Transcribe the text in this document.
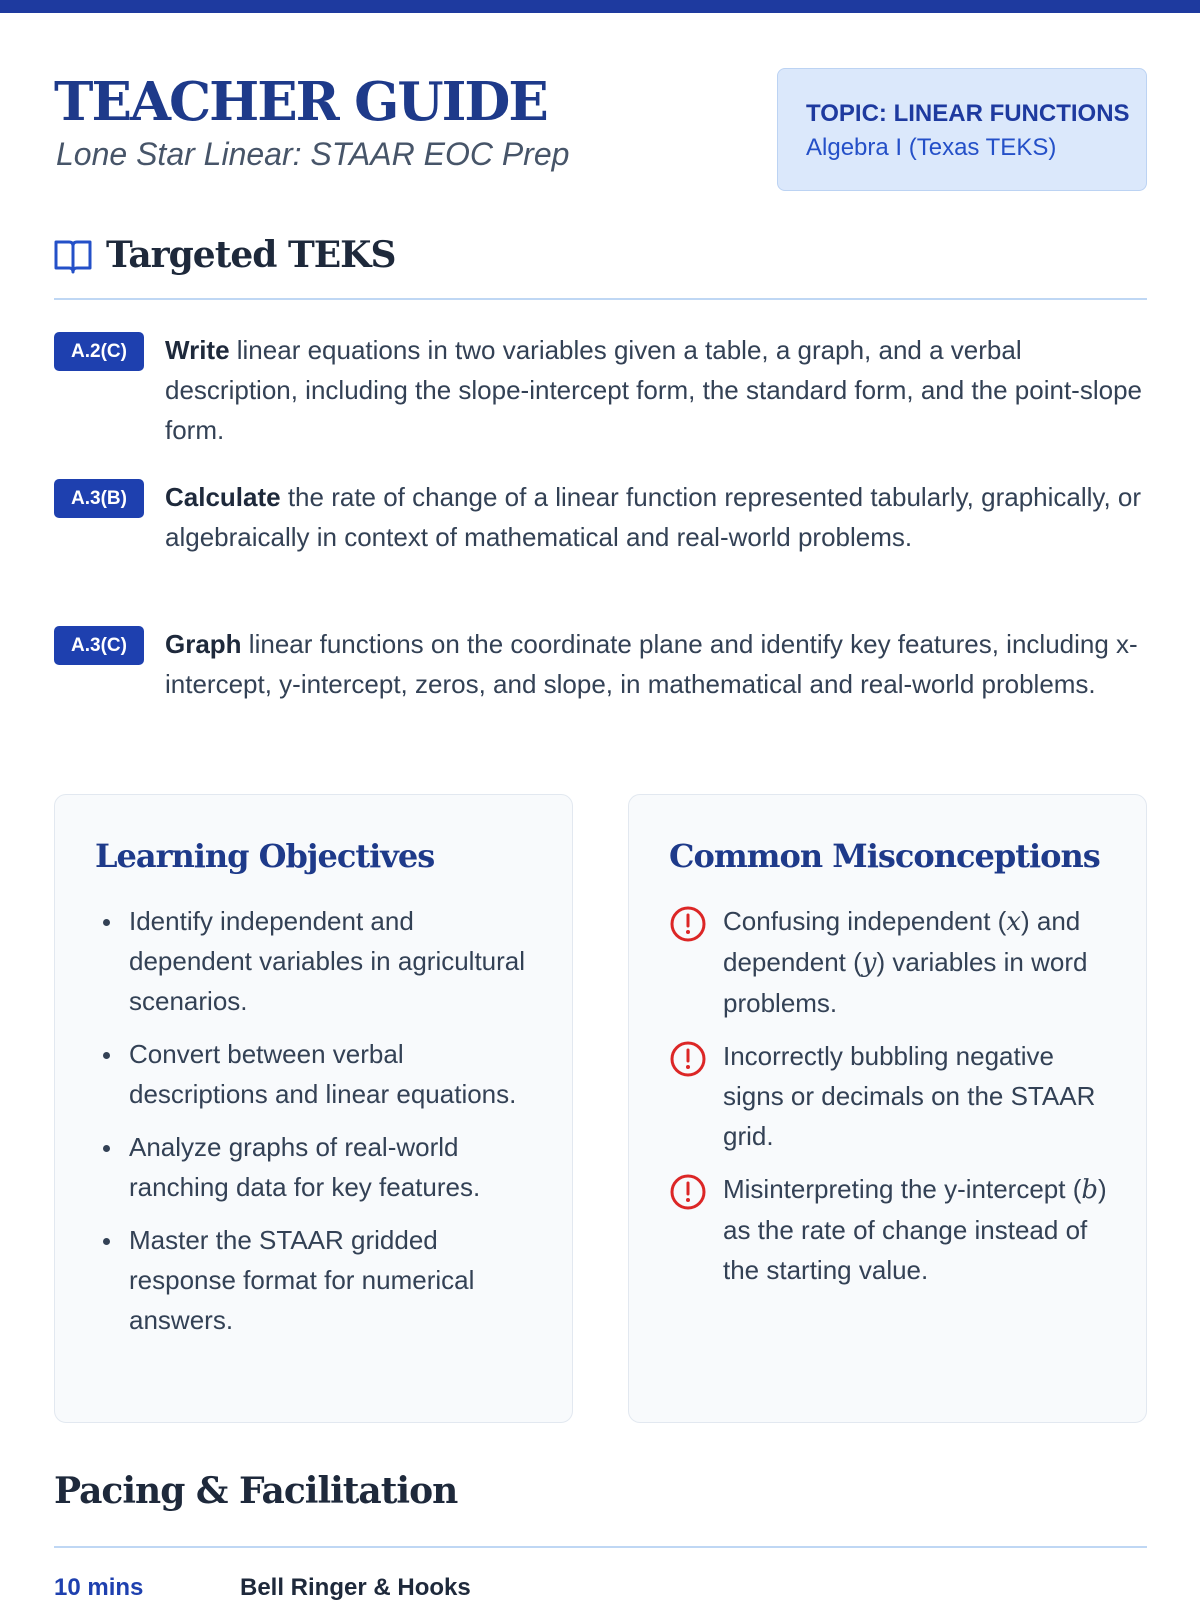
TEACHER GUIDE
Lone Star Linear: STAAR EOC Prep
TOPIC: LINEAR FUNCTIONS
Algebra I (Texas TEKS)
Targeted TEKS
A.2(C)	Write linear equations in two variables given a table, a graph, and a verbal description, including the slope-intercept form, the standard form, and the point-slope form.
A.3(B)	Calculate the rate of change of a linear function represented tabularly, graphically, or algebraically in context of mathematical and real-world problems.
A.3(C)	Graph linear functions on the coordinate plane and identify key features, including x-intercept, y-intercept, zeros, and slope, in mathematical and real-world problems.
Learning Objectives
Identify independent and dependent variables in agricultural scenarios.
Convert between verbal descriptions and linear equations.
Analyze graphs of real-world ranching data for key features.
Master the STAAR gridded response format for numerical answers.
Common Misconceptions
Confusing independent (x) and dependent (y) variables in word problems.
Incorrectly bubbling negative signs or decimals on the STAAR grid.
Misinterpreting the y-intercept (b) as the rate of change instead of the starting value.
Pacing & Facilitation
10 mins	Bell Ringer & Hooks
